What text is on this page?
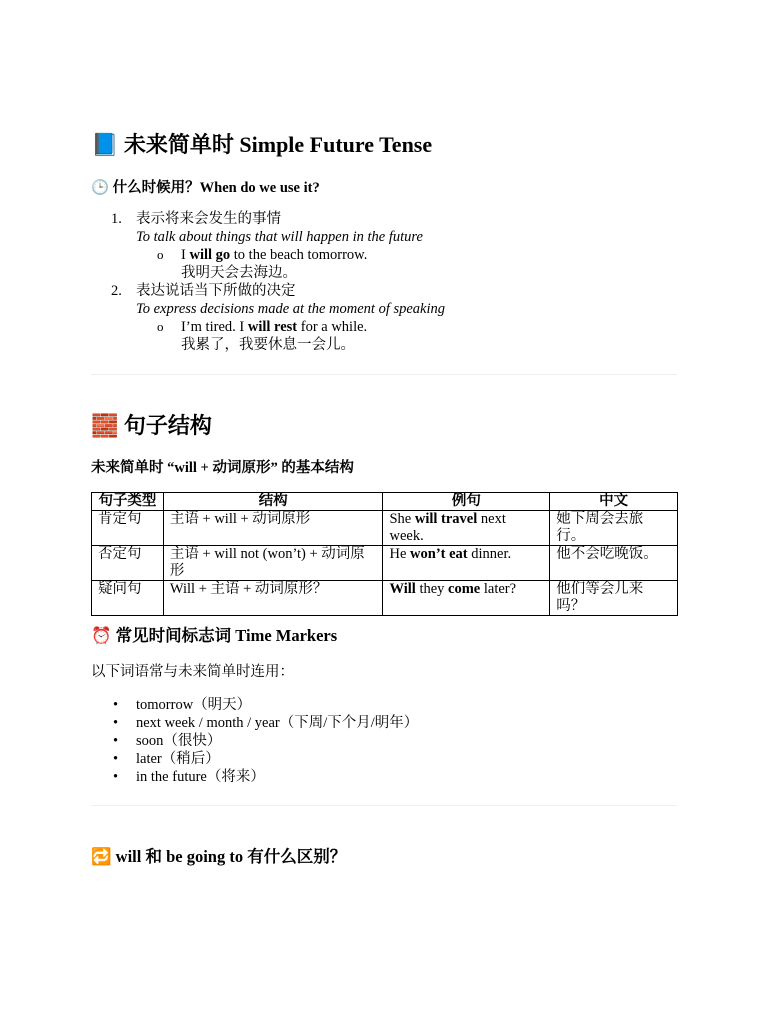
📘 未来简单时 Simple Future Tense
🕒 什么时候用？When do we use it?
1. 表示将来会发生的事情
To talk about things that will happen in the future
o I will go to the beach tomorrow.
我明天会去海边。
2. 表达说话当下所做的决定
To express decisions made at the moment of speaking
o I’m tired. I will rest for a while.
我累了，我要休息一会儿。
🧱 句子结构
未来简单时 “will + 动词原形” 的基本结构
句子类型	结构	例句	中文
肯定句	主语 + will + 动词原形	She will travel next week.	她下周会去旅行。
否定句	主语 + will not (won’t) + 动词原形	He won’t eat dinner.	他不会吃晚饭。
疑问句	Will + 主语 + 动词原形？	Will they come later?	他们等会儿来吗？
⏰ 常见时间标志词 Time Markers
以下词语常与未来简单时连用：
• tomorrow（明天）
• next week / month / year（下周/下个月/明年）
• soon（很快）
• later（稍后）
• in the future（将来）
🔁 will 和 be going to 有什么区别？
